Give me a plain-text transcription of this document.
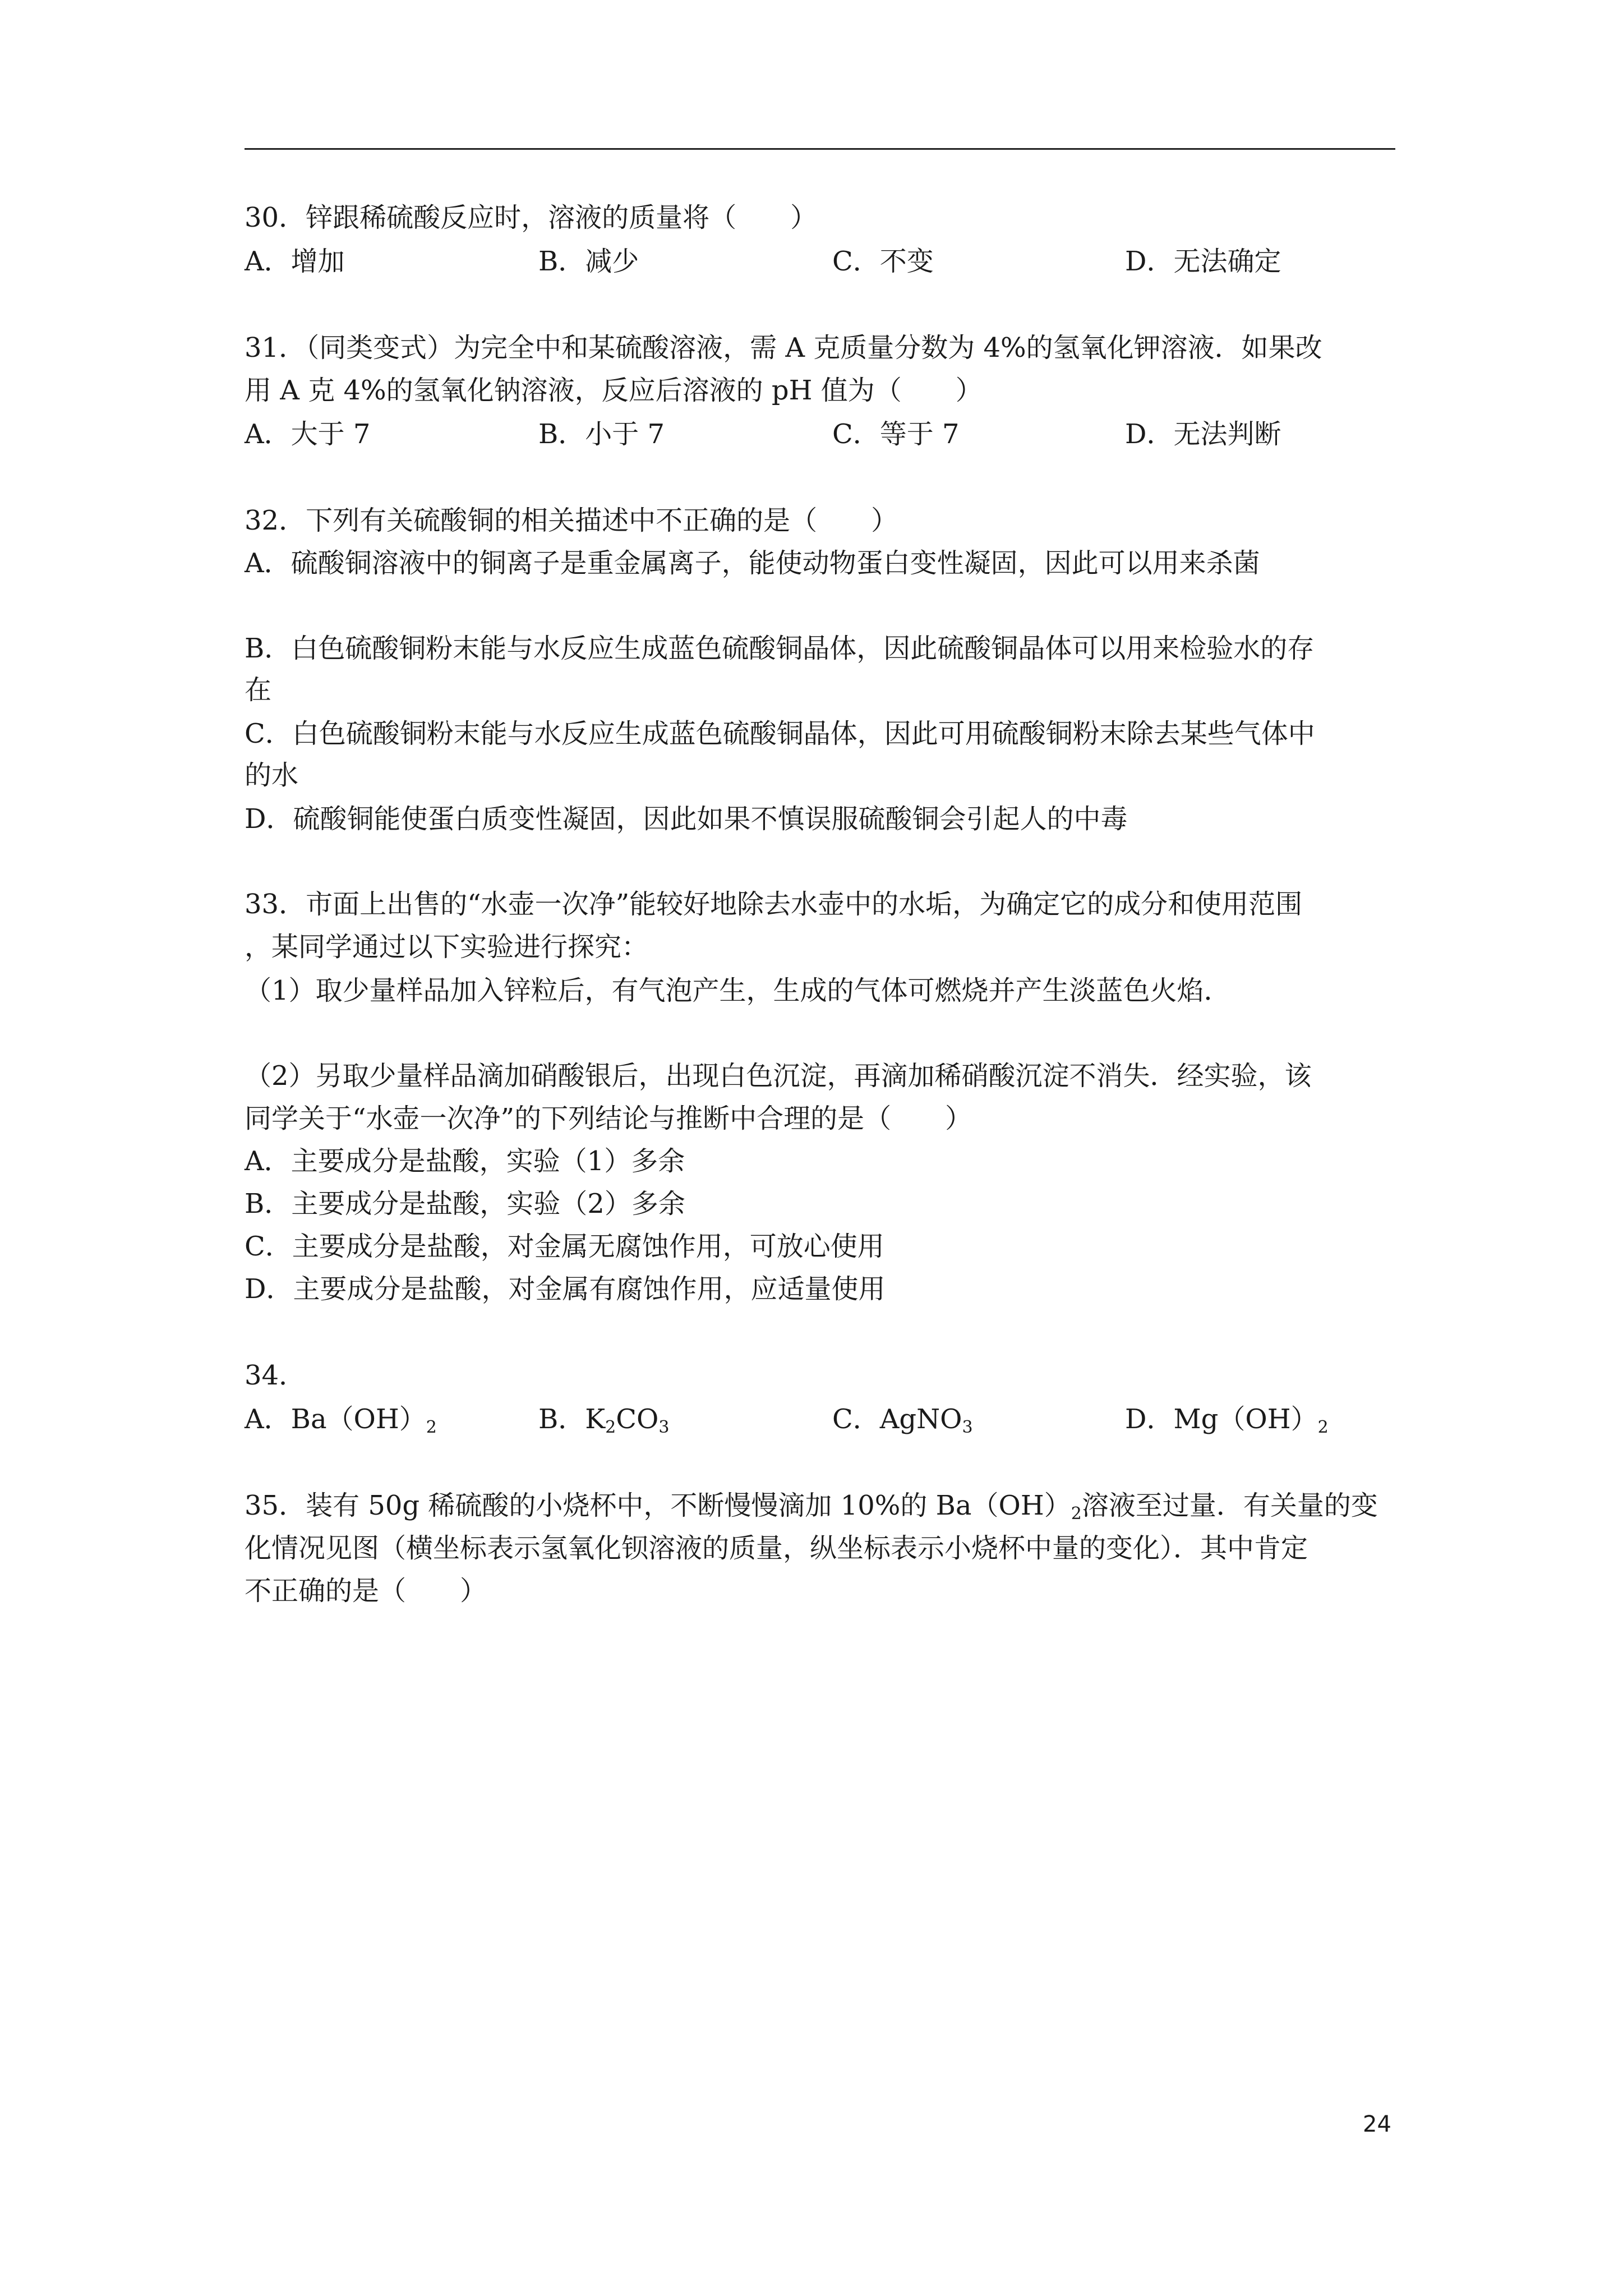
30．锌跟稀硫酸反应时，溶液的质量将（　　）
A．增加	B．减少	C．不变	D．无法确定
31．（同类变式）为完全中和某硫酸溶液，需 A 克质量分数为 4%的氢氧化钾溶液．如果改
用 A 克 4%的氢氧化钠溶液，反应后溶液的 pH 值为（　　）
A．大于 7	B．小于 7	C．等于 7	D．无法判断
32．下列有关硫酸铜的相关描述中不正确的是（　　）
A．硫酸铜溶液中的铜离子是重金属离子，能使动物蛋白变性凝固，因此可以用来杀菌
B．白色硫酸铜粉末能与水反应生成蓝色硫酸铜晶体，因此硫酸铜晶体可以用来检验水的存
在
C．白色硫酸铜粉末能与水反应生成蓝色硫酸铜晶体，因此可用硫酸铜粉末除去某些气体中
的水
D．硫酸铜能使蛋白质变性凝固，因此如果不慎误服硫酸铜会引起人的中毒
33．市面上出售的“水壶一次净”能较好地除去水壶中的水垢，为确定它的成分和使用范围
，某同学通过以下实验进行探究：
（1）取少量样品加入锌粒后，有气泡产生，生成的气体可燃烧并产生淡蓝色火焰．
（2）另取少量样品滴加硝酸银后，出现白色沉淀，再滴加稀硝酸沉淀不消失．经实验，该
同学关于“水壶一次净”的下列结论与推断中合理的是（　　）
A．主要成分是盐酸，实验（1）多余
B．主要成分是盐酸，实验（2）多余
C．主要成分是盐酸，对金属无腐蚀作用，可放心使用
D．主要成分是盐酸，对金属有腐蚀作用，应适量使用
34．
A．$Ba(OH)_2$	B．$K_2CO_3$	C．AgNO$_3$	D．$Mg(OH)_2$
35．装有 50g 稀硫酸的小烧杯中，不断慢慢滴加 10%的 $Ba(OH)_2$溶液至过量．有关量的变
化情况见图（横坐标表示氢氧化钡溶液的质量，纵坐标表示小烧杯中量的变化）．其中肯定
不正确的是（　　）
24
